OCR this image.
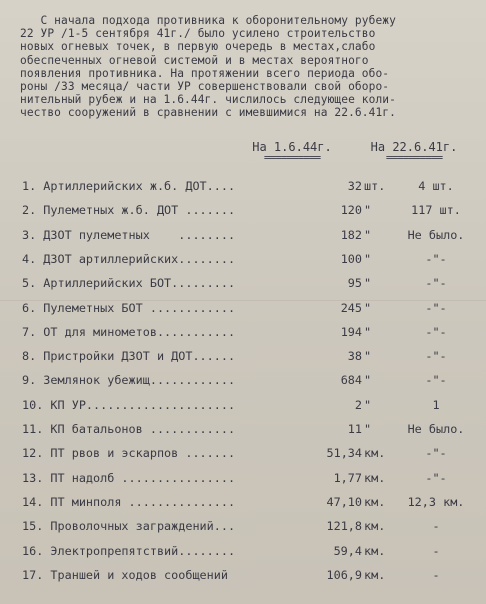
С начала подхода противника к оборонительному рубежу
22 УР /1-5 сентября 41г./ было усилено строительство
новых огневых точек, в первую очередь в местах,слабо
обеспеченных огневой системой и в местах вероятного
появления противника. На протяжении всего периода обо-
роны /33 месяца/ части УР совершенствовали свой оборо-
нительный рубеж и на 1.6.44г. числилось следующее коли-
чество сооружений в сравнении с имевшимися на 22.6.41г.
На 1.6.44г.
==========
На 22.6.41г.
==========
1. Артиллерийских ж.б. ДОТ....	32 шт.	4 шт.
2. Пулеметных ж.б. ДОТ .......	120 "	117 шт.
3. ДЗОТ пулеметных    ........	182 "	Не было.
4. ДЗОТ артиллерийских........	100 "	-"-
5. Артиллерийских БОТ.........	95 "	-"-
6. Пулеметных БОТ ............	245 "	-"-
7. ОТ для минометов...........	194 "	-"-
8. Пристройки ДЗОТ и ДОТ......	38 "	-"-
9. Землянок убежищ............	684 "	-"-
10. КП УР.....................	2 "	1
11. КП батальонов ............	11 "	Не было.
12. ПТ рвов и эскарпов .......	51,34 км.	-"-
13. ПТ надолб ................	1,77 км.	-"-
14. ПТ минполя ...............	47,10 км.	12,3 км.
15. Проволочных заграждений...	121,8 км.	-
16. Электропрепятствий........	59,4 км.	-
17. Траншей и ходов сообщений	106,9 км.	-
